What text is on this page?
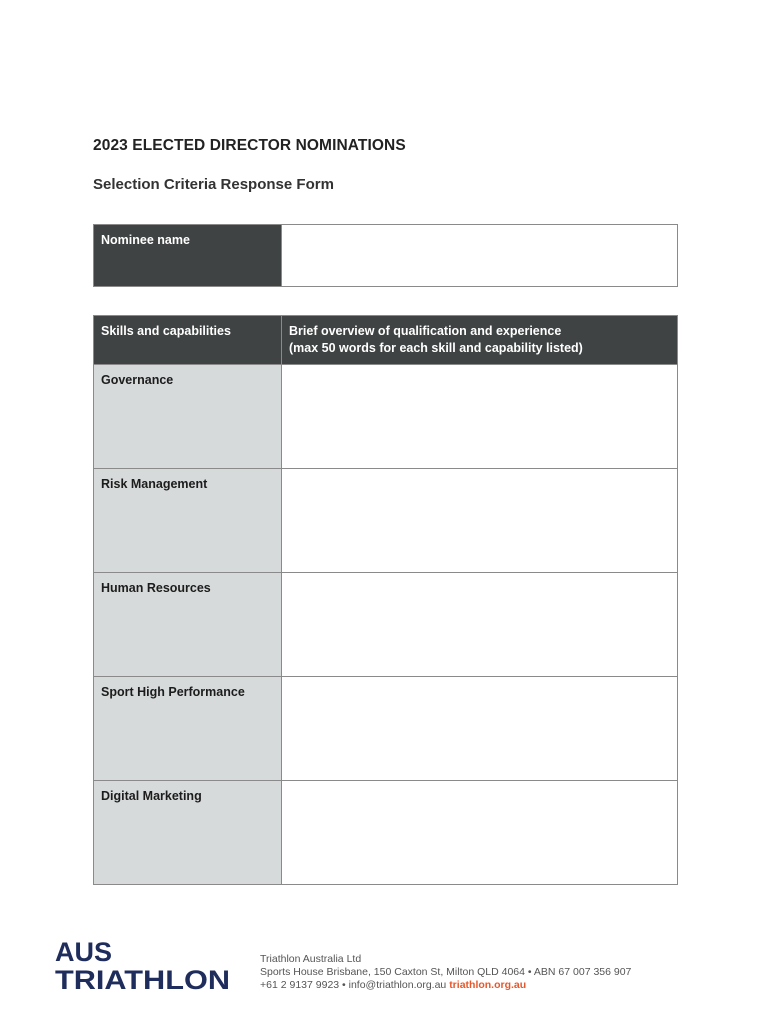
2023 ELECTED DIRECTOR NOMINATIONS
Selection Criteria Response Form
Nominee name	
Skills and capabilities	Brief overview of qualification and experience
(max 50 words for each skill and capability listed)

Governance	
Risk Management	
Human Resources	
Sport High Performance	
Digital Marketing	
AUS
TRIATHLON
Triathlon Australia Ltd
Sports House Brisbane, 150 Caxton St, Milton QLD 4064 • ABN 67 007 356 907
+61 2 9137 9923 • info@triathlon.org.au triathlon.org.au
